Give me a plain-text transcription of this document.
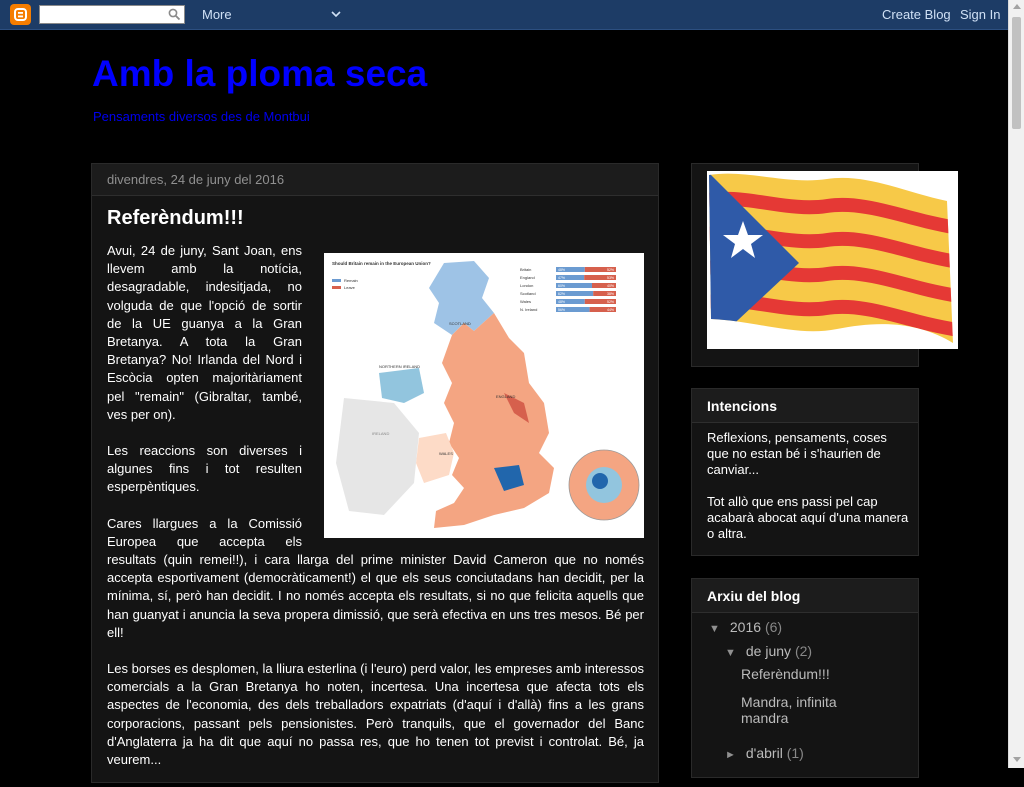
More	Create Blog Sign In
Amb la ploma seca
Pensaments diversos des de Montbui
divendres, 24 de juny del 2016
Referèndum!!!
Should Britain remain in the European Union?
Remain
Leave
SCOTLAND
NORTHERN IRELAND
ENGLAND
WALES
IRELAND
Britain	48%	52%
England	47%	53%
London	60%	40%
Scotland	62%	38%
Wales	48%	52%
N. Ireland	56%	44%

Avui, 24 de juny, Sant Joan, ens llevem amb la notícia, desagradable, indesitjada, no volguda de que l'opció de sortir de la UE guanya a la Gran Bretanya. A tota la Gran Bretanya? No! Irlanda del Nord i Escòcia opten majoritàriament pel "remain" (Gibraltar, també, ves per on).

Les reaccions son diverses i algunes fins i tot resulten esperpèntiques.

Cares llargues a la Comissió Europea que accepta els resultats (quin remei!!), i cara llarga del prime minister David Cameron que no només accepta esportivament (democràticament!) el que els seus conciutadans han decidit, per la mínima, sí, però han decidit. I no només accepta els resultats, si no que felicita aquells que han guanyat i anuncia la seva propera dimissió, que serà efectiva en uns tres mesos. Bé per ell!

Les borses es desplomen, la lliura esterlina (i l'euro) perd valor, les empreses amb interessos comercials a la Gran Bretanya ho noten, incertesa. Una incertesa que afecta tots els aspectes de l'economia, des dels treballadors expatriats (d'aquí i d'allà) fins a les grans corporacions, passant pels pensionistes. Però tranquils, que el governador del Banc d'Anglaterra ja ha dit que aquí no passa res, que ho tenen tot previst i controlat. Bé, ja veurem...

Intencions

Reflexions, pensaments, coses que no estan bé i s'haurien de canviar...

Tot allò que ens passi pel cap acabarà abocat aquí d'una manera o altra.

Arxiu del blog
▼ 2016 (6)
▼ de juny (2)
Referèndum!!!
Mandra, infinita mandra
► d'abril (1)
